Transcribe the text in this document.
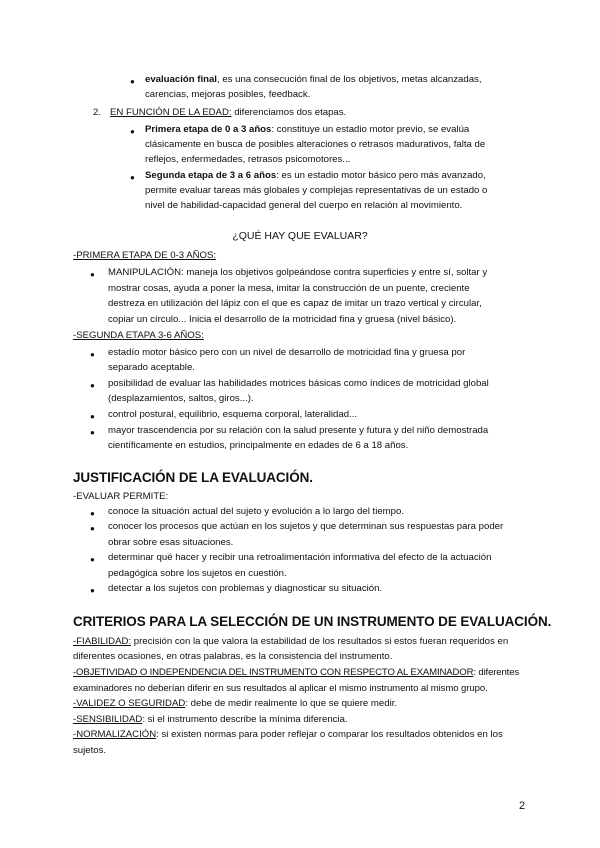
● evaluación final, es una consecución final de los objetivos, metas alcanzadas,
carencias, mejoras posibles, feedback.
2. EN FUNCIÓN DE LA EDAD: diferenciamos dos etapas.
● Primera etapa de 0 a 3 años: constituye un estadio motor previo, se evalúa
clásicamente en busca de posibles alteraciones o retrasos madurativos, falta de
reflejos, enfermedades, retrasos psicomotores...
● Segunda etapa de 3 a 6 años: es un estadio motor básico pero más avanzado,
permite evaluar tareas más globales y complejas representativas de un estado o
nivel de habilidad-capacidad general del cuerpo en relación al movimiento.
¿QUÉ HAY QUE EVALUAR?
-PRIMERA ETAPA DE 0-3 AÑOS:
● MANIPULACIÓN: maneja los objetivos golpeándose contra superficies y entre sí, soltar y
mostrar cosas, ayuda a poner la mesa, imitar la construcción de un puente, creciente
destreza en utilización del lápiz con el que es capaz de imitar un trazo vertical y circular,
copiar un círculo... Inicia el desarrollo de la motricidad fina y gruesa (nivel básico).
-SEGUNDA ETAPA 3-6 AÑOS:
● estadío motor básico pero con un nivel de desarrollo de motricidad fina y gruesa por
separado aceptable.
● posibilidad de evaluar las habilidades motrices básicas como índices de motricidad global
(desplazamientos, saltos, giros...).
● control postural, equilibrio, esquema corporal, lateralidad...
● mayor trascendencia por su relación con la salud presente y futura y del niño demostrada
científicamente en estudios, principalmente en edades de 6 a 18 años.
JUSTIFICACIÓN DE LA EVALUACIÓN.
-EVALUAR PERMITE:
● conoce la situación actual del sujeto y evolución a lo largo del tiempo.
● conocer los procesos que actúan en los sujetos y que determinan sus respuestas para poder
obrar sobre esas situaciones.
● determinar qué hacer y recibir una retroalimentación informativa del efecto de la actuación
pedagógica sobre los sujetos en cuestión.
● detectar a los sujetos con problemas y diagnosticar su situación.
CRITERIOS PARA LA SELECCIÓN DE UN INSTRUMENTO DE EVALUACIÓN.
-FIABILIDAD: precisión con la que valora la estabilidad de los resultados si estos fueran requeridos en
diferentes ocasiones, en otras palabras, es la consistencia del instrumento.
-OBJETIVIDAD O INDEPENDENCIA DEL INSTRUMENTO CON RESPECTO AL EXAMINADOR: diferentes
examinadores no deberían diferir en sus resultados al aplicar el mismo instrumento al mismo grupo.
-VALIDEZ O SEGURIDAD: debe de medir realmente lo que se quiere medir.
-SENSIBILIDAD: si el instrumento describe la mínima diferencia.
-NORMALIZACIÓN: si existen normas para poder reflejar o comparar los resultados obtenidos en los
sujetos.
2
